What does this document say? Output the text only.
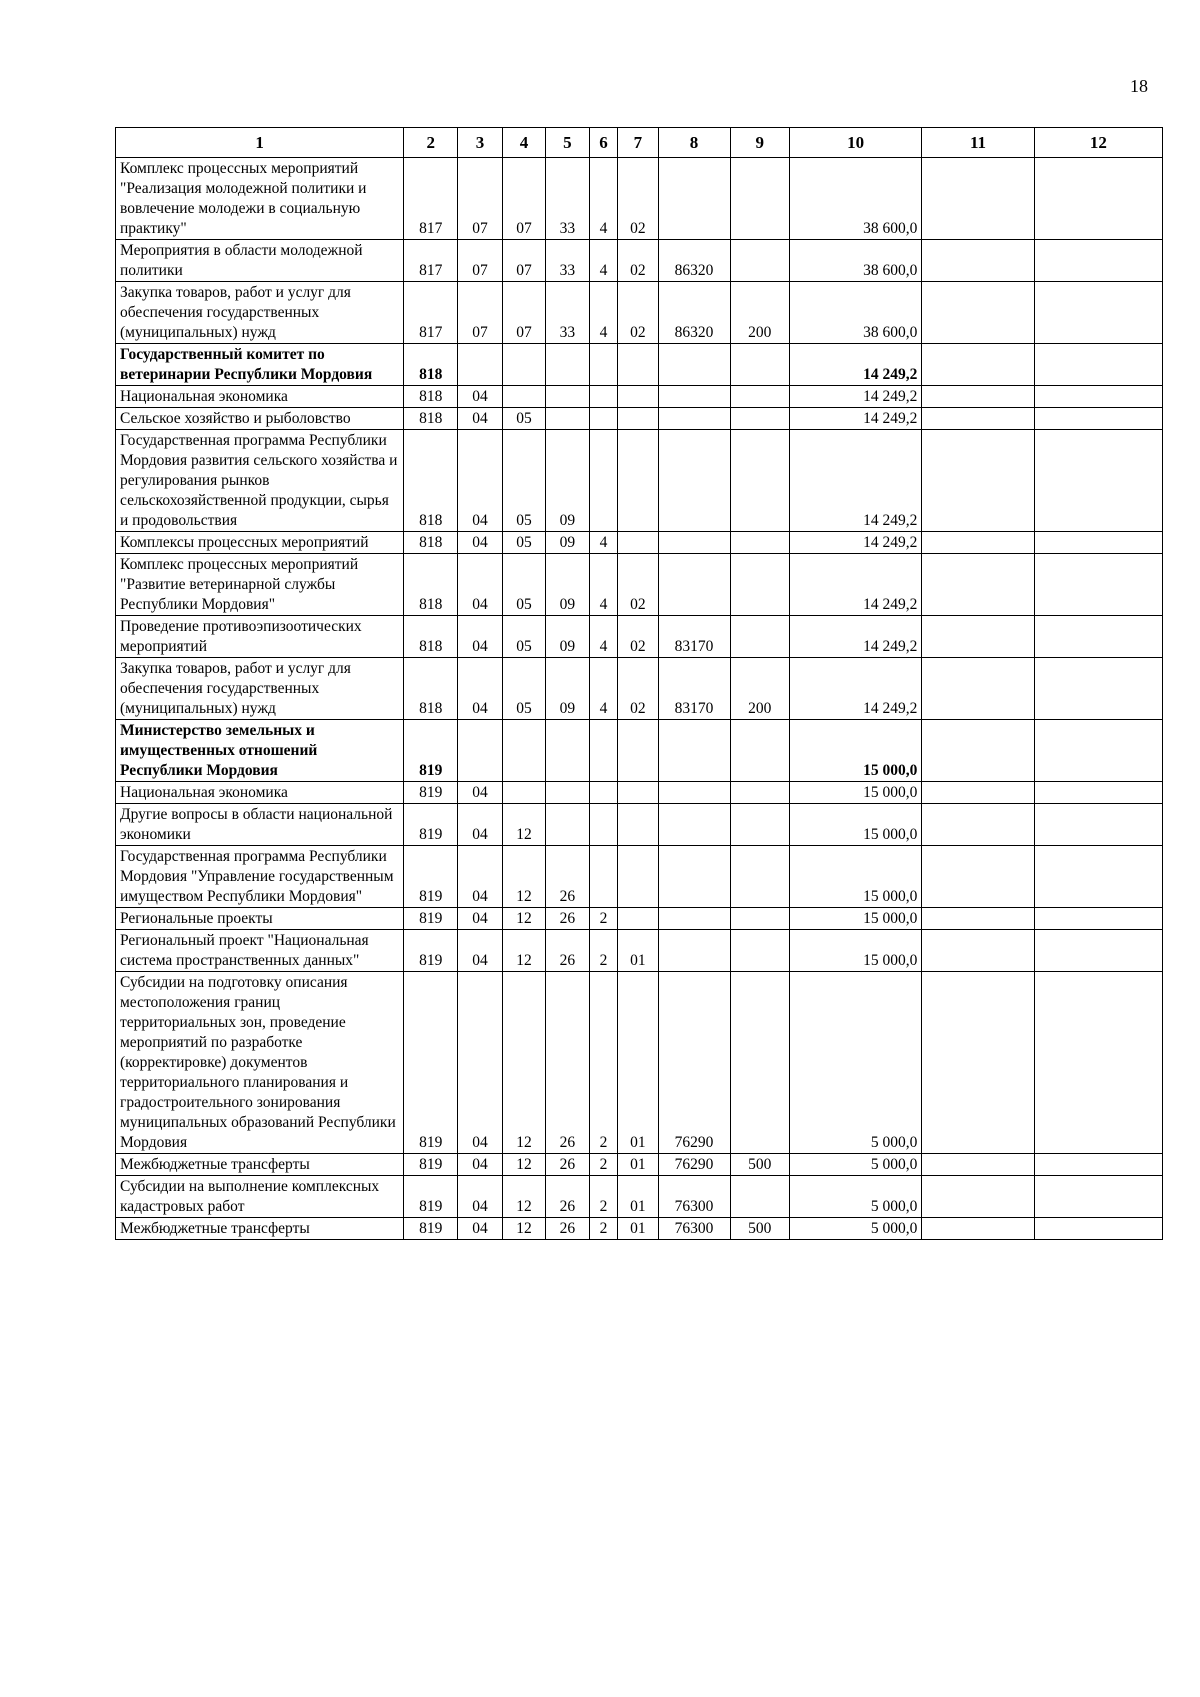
18
1	2	3	4	5	6	7	8	9	10	11	12
Комплекс процессных мероприятий "Реализация молодежной политики и вовлечение молодежи в социальную практику"	817	07	07	33	4	02			38 600,0		
Мероприятия в области молодежной политики	817	07	07	33	4	02	86320		38 600,0		
Закупка товаров, работ и услуг для обеспечения государственных (муниципальных) нужд	817	07	07	33	4	02	86320	200	38 600,0		
Государственный комитет по ветеринарии Республики Мордовия	818								14 249,2		
Национальная экономика	818	04							14 249,2		
Сельское хозяйство и рыболовство	818	04	05						14 249,2		
Государственная программа Республики Мордовия развития сельского хозяйства и регулирования рынков сельскохозяйственной продукции, сырья и продовольствия	818	04	05	09					14 249,2		
Комплексы процессных мероприятий	818	04	05	09	4				14 249,2		
Комплекс процессных мероприятий "Развитие ветеринарной службы Республики Мордовия"	818	04	05	09	4	02			14 249,2		
Проведение противоэпизоотических мероприятий	818	04	05	09	4	02	83170		14 249,2		
Закупка товаров, работ и услуг для обеспечения государственных (муниципальных) нужд	818	04	05	09	4	02	83170	200	14 249,2		
Министерство земельных и имущественных отношений Республики Мордовия	819								15 000,0		
Национальная экономика	819	04							15 000,0		
Другие вопросы в области национальной экономики	819	04	12						15 000,0		
Государственная программа Республики Мордовия "Управление государственным имуществом Республики Мордовия"	819	04	12	26					15 000,0		
Региональные проекты	819	04	12	26	2				15 000,0		
Региональный проект "Национальная система пространственных данных"	819	04	12	26	2	01			15 000,0		
Субсидии на подготовку описания местоположения границ территориальных зон, проведение мероприятий по разработке (корректировке) документов территориального планирования и градостроительного зонирования муниципальных образований Республики Мордовия	819	04	12	26	2	01	76290		5 000,0		
Межбюджетные трансферты	819	04	12	26	2	01	76290	500	5 000,0		
Субсидии на выполнение комплексных кадастровых работ	819	04	12	26	2	01	76300		5 000,0		
Межбюджетные трансферты	819	04	12	26	2	01	76300	500	5 000,0		
